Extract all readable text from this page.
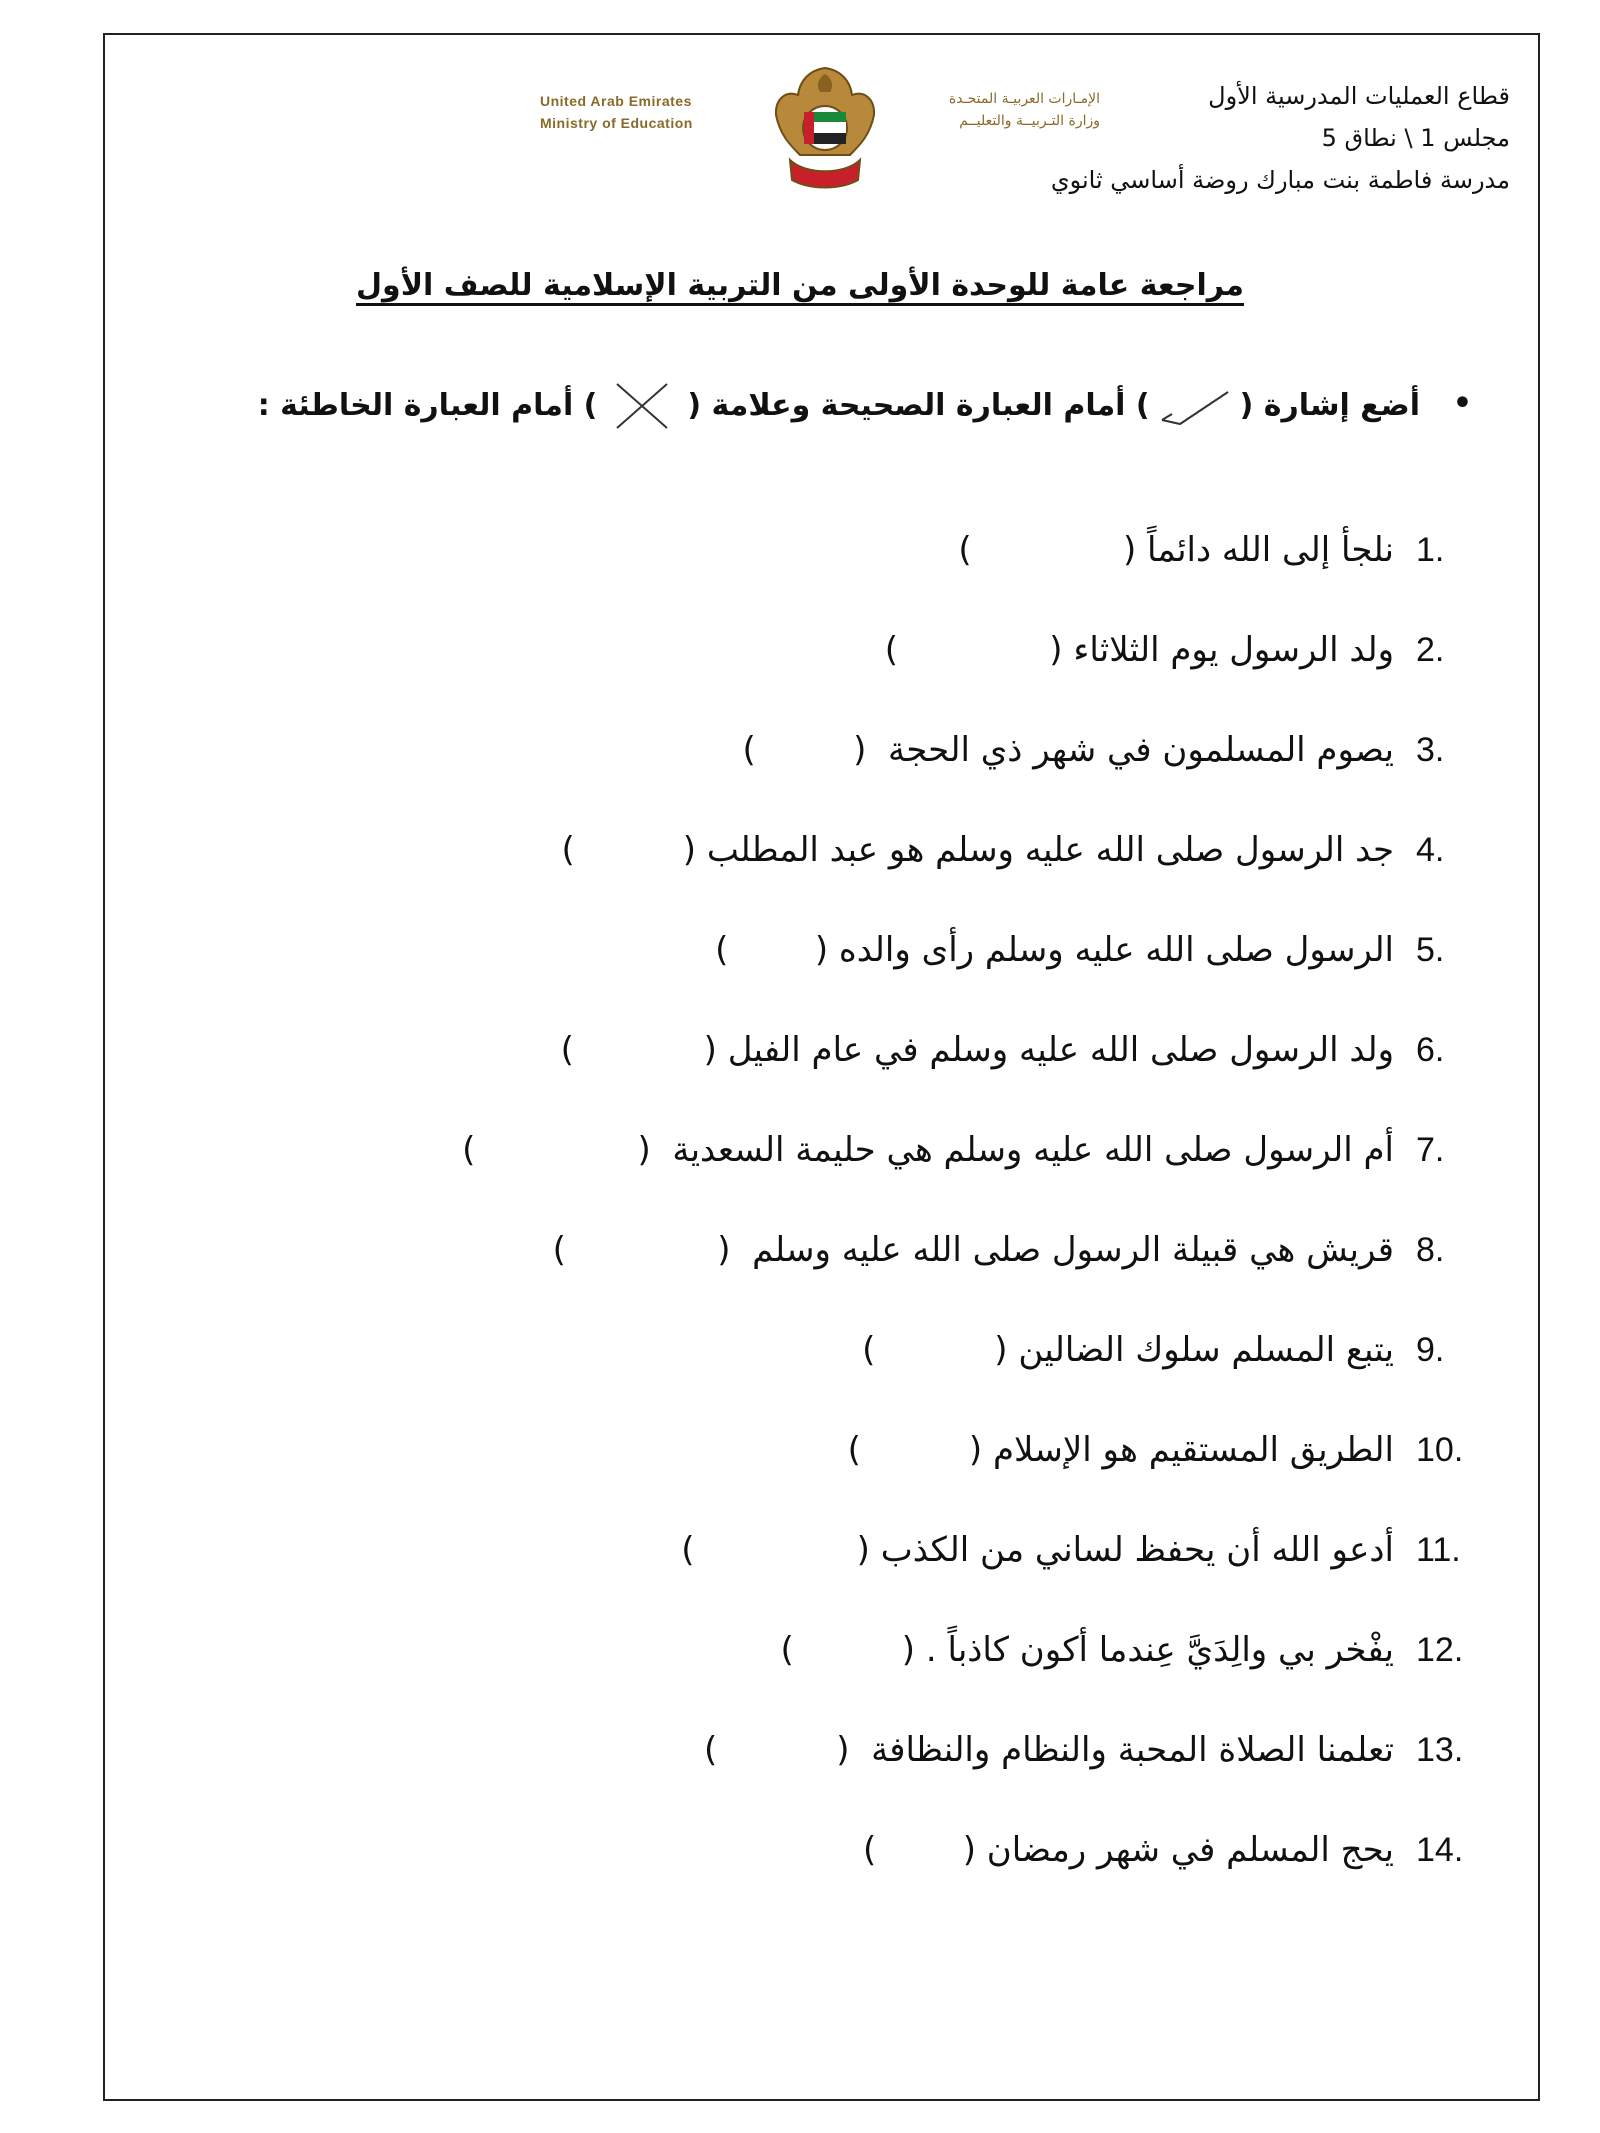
قطاع العمليات المدرسية الأول
مجلس 1 \ نطاق 5
مدرسة فاطمة بنت مبارك روضة أساسي ثانوي
الإمـارات العربيـة المتحـدة
وزارة التـربيــة والتعليــم
United Arab Emirates
Ministry of Education
مراجعة عامة للوحدة الأولى من التربية الإسلامية للصف الأول
•
أضع إشارة (
) أمام العبارة الصحيحة وعلامة (
) أمام العبارة الخاطئة :
1.
نلجأ إلى الله دائماً (              )
2.
ولد الرسول يوم الثلاثاء (              )
3.
يصوم المسلمون في شهر ذي الحجة  (         )
4.
جد الرسول صلى الله عليه وسلم هو عبد المطلب (          )
5.
الرسول صلى الله عليه وسلم رأى والده (        )
6.
ولد الرسول صلى الله عليه وسلم في عام الفيل (            )
7.
أم الرسول صلى الله عليه وسلم هي حليمة السعدية  (               )
8.
قريش هي قبيلة الرسول صلى الله عليه وسلم  (              )
9.
يتبع المسلم سلوك الضالين (           )
10.
الطريق المستقيم هو الإسلام (          )
11.
أدعو الله أن يحفظ لساني من الكذب (               )
12.
يفْخر بي والِدَيَّ عِندما أكون كاذباً . (          )
13.
تعلمنا الصلاة المحبة والنظام والنظافة  (           )
14.
يحج المسلم في شهر رمضان (        )
